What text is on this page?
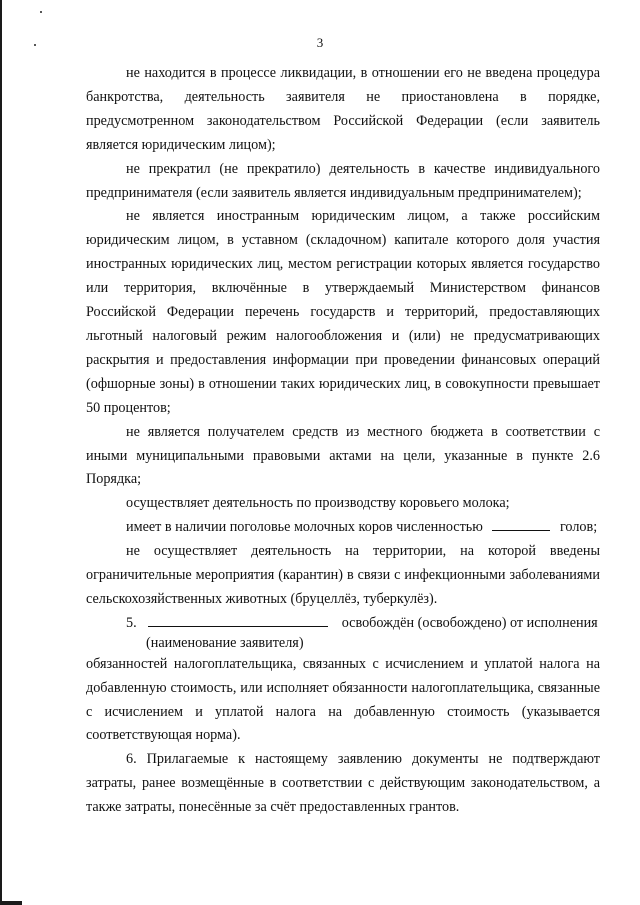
3

не находится в процессе ликвидации, в отношении его не введена процедура банкротства, деятельность заявителя не приостановлена в порядке, предусмотренном законодательством Российской Федерации (если заявитель является юридическим лицом);

не прекратил (не прекратило) деятельность в качестве индивидуального предпринимателя (если заявитель является индивидуальным предпринимателем);

не является иностранным юридическим лицом, а также российским юридическим лицом, в уставном (складочном) капитале которого доля участия иностранных юридических лиц, местом регистрации которых является государство или территория, включённые в утверждаемый Министерством финансов Российской Федерации перечень государств и территорий, предоставляющих льготный налоговый режим налогообложения и (или) не предусматривающих раскрытия и предоставления информации при проведении финансовых операций (офшорные зоны) в отношении таких юридических лиц, в совокупности превышает 50 процентов;

не является получателем средств из местного бюджета в соответствии с иными муниципальными правовыми актами на цели, указанные в пункте 2.6 Порядка;

осуществляет деятельность по производству коровьего молока;

имеет в наличии поголовье молочных коров численностью	голов;

не осуществляет деятельность на территории, на которой введены ограничительные мероприятия (карантин) в связи с инфекционными заболеваниями сельскохозяйственных животных (бруцеллёз, туберкулёз).

5.	освобождён (освобождено) от исполнения
(наименование заявителя)

обязанностей налогоплательщика, связанных с исчислением и уплатой налога на добавленную стоимость, или исполняет обязанности налогоплательщика, связанные с исчислением и уплатой налога на добавленную стоимость (указывается соответствующая норма).

6. Прилагаемые к настоящему заявлению документы не подтверждают затраты, ранее возмещённые в соответствии с действующим законодательством, а также затраты, понесённые за счёт предоставленных грантов.
